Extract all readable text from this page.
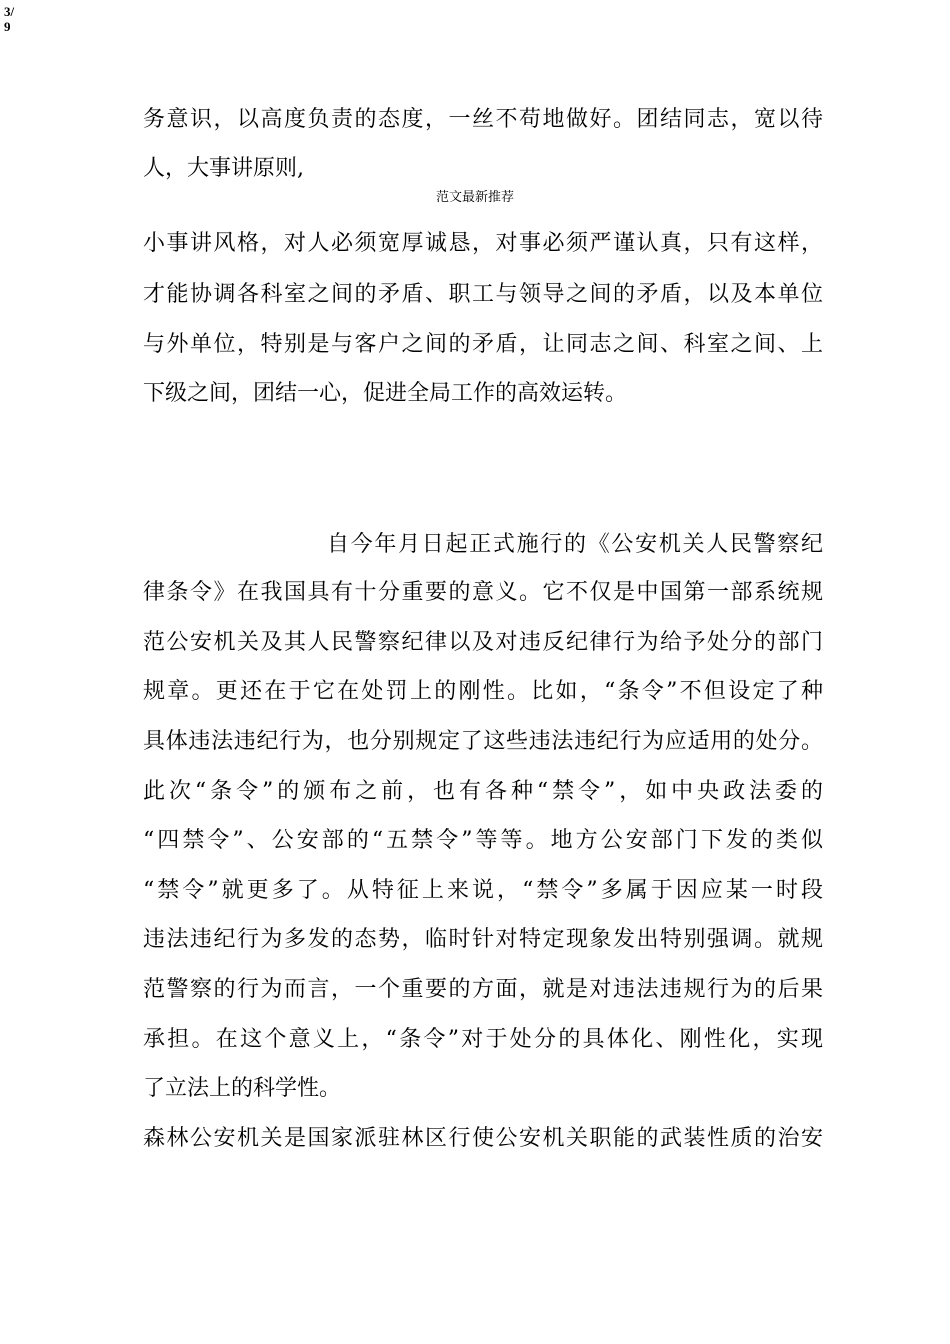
3/
9
务意识，以高度负责的态度，一丝不苟地做好。团结同志，宽以待
人，大事讲原则,
范文最新推荐
小事讲风格，对人必须宽厚诚恳，对事必须严谨认真，只有这样，
才能协调各科室之间的矛盾、职工与领导之间的矛盾，以及本单位
与外单位，特别是与客户之间的矛盾，让同志之间、科室之间、上
下级之间，团结一心，促进全局工作的高效运转。
自今年月日起正式施行的《公安机关人民警察纪
律条令》在我国具有十分重要的意义。它不仅是中国第一部系统规
范公安机关及其人民警察纪律以及对违反纪律行为给予处分的部门
规章。更还在于它在处罚上的刚性。比如，“条令”不但设定了种
具体违法违纪行为，也分别规定了这些违法违纪行为应适用的处分。
此次“条令”的颁布之前，也有各种“禁令”，如中央政法委的
“四禁令”、公安部的“五禁令”等等。地方公安部门下发的类似
“禁令”就更多了。从特征上来说，“禁令”多属于因应某一时段
违法违纪行为多发的态势，临时针对特定现象发出特别强调。就规
范警察的行为而言，一个重要的方面，就是对违法违规行为的后果
承担。在这个意义上，“条令”对于处分的具体化、刚性化，实现
了立法上的科学性。
森林公安机关是国家派驻林区行使公安机关职能的武装性质的治安
